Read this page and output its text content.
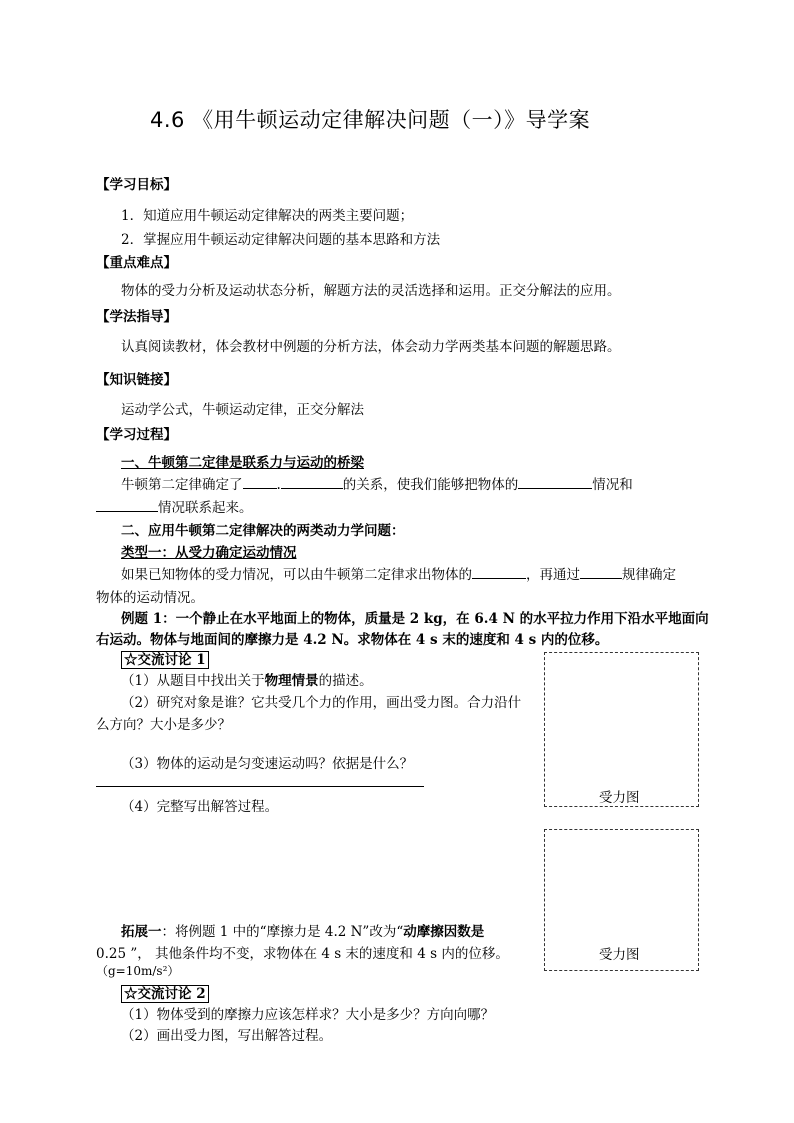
4.6 《用牛顿运动定律解决问题（一）》导学案
【学习目标】
1．知道应用牛顿运动定律解决的两类主要问题；
2．掌握应用牛顿运动定律解决问题的基本思路和方法
【重点难点】
物体的受力分析及运动状态分析，解题方法的灵活选择和运用。正交分解法的应用。
【学法指导】
认真阅读教材，体会教材中例题的分析方法，体会动力学两类基本问题的解题思路。
【知识链接】
运动学公式，牛顿运动定律，正交分解法
【学习过程】
一、牛顿第二定律是联系力与运动的桥梁
牛顿第二定律确定了	.	的关系，使我们能够把物体的	情况和
情况联系起来。
二、应用牛顿第二定律解决的两类动力学问题：
类型一：从受力确定运动情况
如果已知物体的受力情况，可以由牛顿第二定律求出物体的	，再通过	规律确定
物体的运动情况。
例题 1：一个静止在水平地面上的物体，质量是 2 kg，在 6.4 N 的水平拉力作用下沿水平地面向
右运动。物体与地面间的摩擦力是 4.2 N。求物体在 4 s 末的速度和 4 s 内的位移。
☆交流讨论 1
（1）从题目中找出关于物理情景的描述。
（2）研究对象是谁？它共受几个力的作用，画出受力图。合力沿什
么方向？大小是多少？
（3）物体的运动是匀变速运动吗？依据是什么？
（4）完整写出解答过程。
受力图
受力图
拓展一：将例题 1 中的“摩擦力是 4.2 N”改为“动摩擦因数是
0.25 ”， 其他条件均不变，求物体在 4 s 末的速度和 4 s 内的位移。
（g=10m/s²）
☆交流讨论 2
（1）物体受到的摩擦力应该怎样求？大小是多少？方向向哪？
（2）画出受力图，写出解答过程。
